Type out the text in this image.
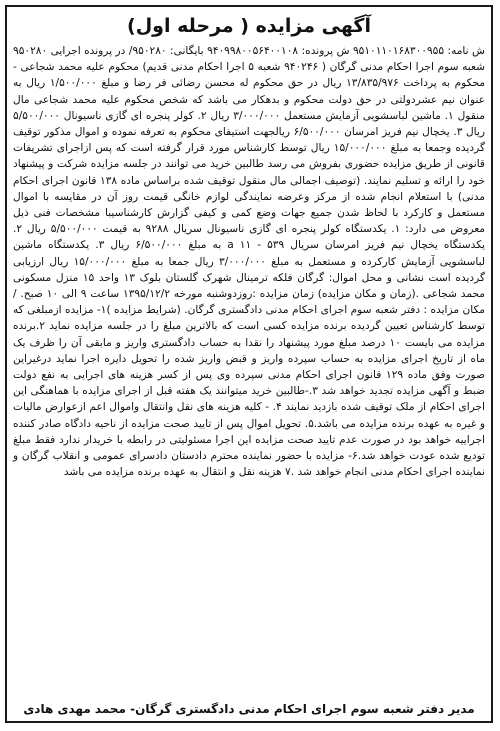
آگهی مزایده ( مرحله اول)

ش نامه: ۹۵۱۰۱۱۰۱۶۸۳۰۰۹۵۵ ش پرونده: ۹۴۰۹۹۸۰۰۵۶۴۰۰۱۰۸ بایگانی: ۹۵۰۲۸۰/ در پرونده اجرایی ۹۵۰۲۸۰ شعبه سوم اجرا احکام مدنی گرگان ( ۹۴۰۲۴۶ شعبه ۵ اجرا احکام مدنی قدیم) محکوم علیه محمد شجاعی - محکوم به پرداخت ۱۳/۸۳۵/۹۷۶ ریال در حق محکوم له محسن رضائی فر رضا و مبلغ ۱/۵۰۰/۰۰۰ ریال به عنوان نیم عشردولتی در حق دولت محکوم و بدهکار می باشد که شخص محکوم علیه محمد شجاعی مال منقول ۱. ماشین لباسشویی آزمایش مستعمل ۳/۰۰۰/۰۰۰ ریال ۲. کولر پنجره ای گازی ناسیونال ۵/۵۰۰/۰۰۰ ریال ۳. یخچال نیم فریز امرسان ۶/۵۰۰/۰۰۰ ریالجهت استیفای محکوم به تعرفه نموده و اموال مذکور توقیف گردیده وجمعا به مبلغ ۱۵/۰۰۰/۰۰۰ ریال توسط کارشناس مورد قرار گرفته است که پس ازاجرای تشریفات قانونی از طریق مزایده حضوری بفروش می رسد طالبین خرید می توانند در جلسه مزایده شرکت و پیشنهاد خود را ارائه و تسلیم نمایند. (توصیف اجمالی مال منقول توقیف شده براساس ماده ۱۳۸ قانون اجرای احکام مدنی) با استعلام انجام شده از مرکز وعرضه نمایندگی لوازم خانگی قیمت روز آن در مقایسه با اموال مستعمل و کارکرد با لحاظ شدن جمیع جهات وضع کمی و کیفی گزارش کارشناسیبا مشخصات فنی ذیل معروض می دارد: ۱. یکدستگاه کولر پنجره ای گازی ناسیونال سریال ۹۲۸۸ به قیمت ۵/۵۰۰/۰۰۰ ریال ۲. یکدستگاه یخچال نیم فریز امرسان سریال ۵۳۹ - ۱۱ a به مبلغ ۶/۵۰۰/۰۰۰ ریال ۳. یکدستگاه ماشین لباسشویی آزمایش کارکرده و مستعمل به مبلغ ۳/۰۰۰/۰۰۰ ریال جمعا به مبلغ ۱۵/۰۰۰/۰۰۰ ریال ارزیابی گردیده است نشانی و محل اموال: گرگان فلکه ترمینال شهرک گلستان بلوک ۱۳ واحد ۱۵ منزل مسکونی محمد شجاعی .(زمان و مکان مزایده) زمان مزایده :روزدوشنبه مورخه ۱۳۹۵/۱۲/۲ ساعت ۹ الی ۱۰ صبح. /مکان مزایده : دفتر شعبه سوم اجرای احکام مدنی دادگستری گرگان. (شرایط مزایده )۱- مزایده ازمبلغی که توسط کارشناس تعیین گردیده برنده مزایده کسی است که بالاترین مبلغ را در جلسه مزایده نماید ۲.برنده مزایده می بایست ۱۰ درصد مبلغ مورد پیشنهاد را نقدا به حساب دادگستری واریز و مابقی آن را ظرف یک ماه از تاریخ اجرای مزایده به حساب سپرده واریز و قبض واریز شده را تحویل دایره اجرا نماید درغیراین صورت وفق ماده ۱۲۹ قانون اجرای احکام مدنی سپرده وی پس از کسر هزینه های اجرایی به نفع دولت ضبط و آگهی مزایده تجدید خواهد شد ۳.-طالبین خرید میتوانند یک هفته قبل از اجرای مزایده با هماهنگی این اجرای احکام از ملک توقیف شده بازدید نمایند ۴. - کلیه هزینه های نقل وانتقال واموال اعم ازعوارض مالیات و غیره به عهده برنده مزایده می باشد.۵. تحویل اموال پس از تایید صحت مزایده از ناحیه دادگاه صادر کننده اجراییه خواهد بود در صورت عدم تایید صحت مزایده این اجرا مسئولیتی در رابطه با خریدار ندارد فقط مبلغ تودیع شده عودت خواهد شد.۶- مزایده با حضور نماینده محترم دادستان دادسرای عمومی و انقلاب گرگان و نماینده اجرای احکام مدنی انجام خواهد شد .۷ هزینه نقل و انتقال به عهده برنده مزایده می باشد

مدیر دفتر شعبه سوم اجرای احکام مدنی دادگستری گرگان- محمد مهدی هادی
